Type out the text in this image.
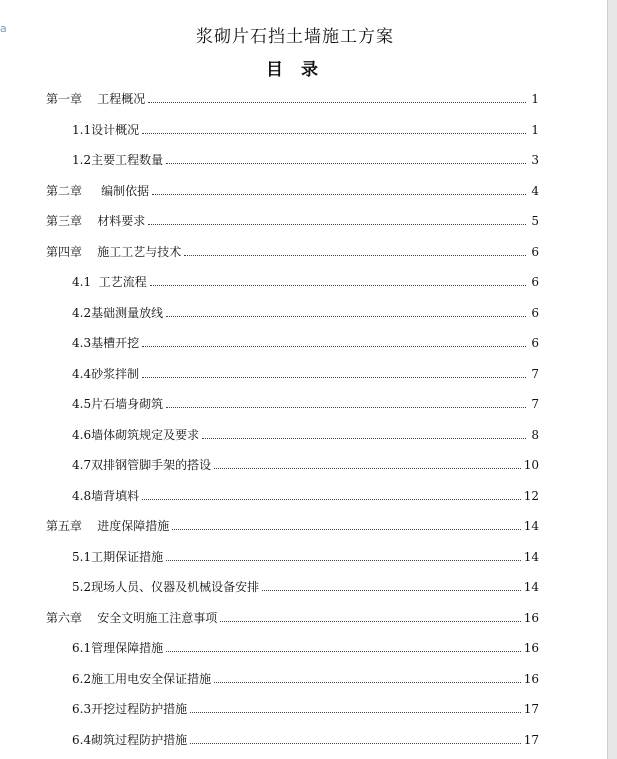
a	浆砌片石挡土墙施工方案
目 录
第一章 工程概况	1
1.1 设计概况	1
1.2 主要工程数量	3
第二章 编制依据	4
第三章 材料要求	5
第四章 施工工艺与技术	6
4.1 工艺流程	6
4.2 基础测量放线	6
4.3 基槽开挖	6
4.4 砂浆拌制	7
4.5 片石墙身砌筑	7
4.6 墙体砌筑规定及要求	8
4.7 双排钢管脚手架的搭设	10
4.8 墙背填料	12
第五章 进度保障措施	14
5.1 工期保证措施	14
5.2 现场人员、仪器及机械设备安排	14
第六章 安全文明施工注意事项	16
6.1 管理保障措施	16
6.2 施工用电安全保证措施	16
6.3 开挖过程防护措施	17
6.4 砌筑过程防护措施	17
